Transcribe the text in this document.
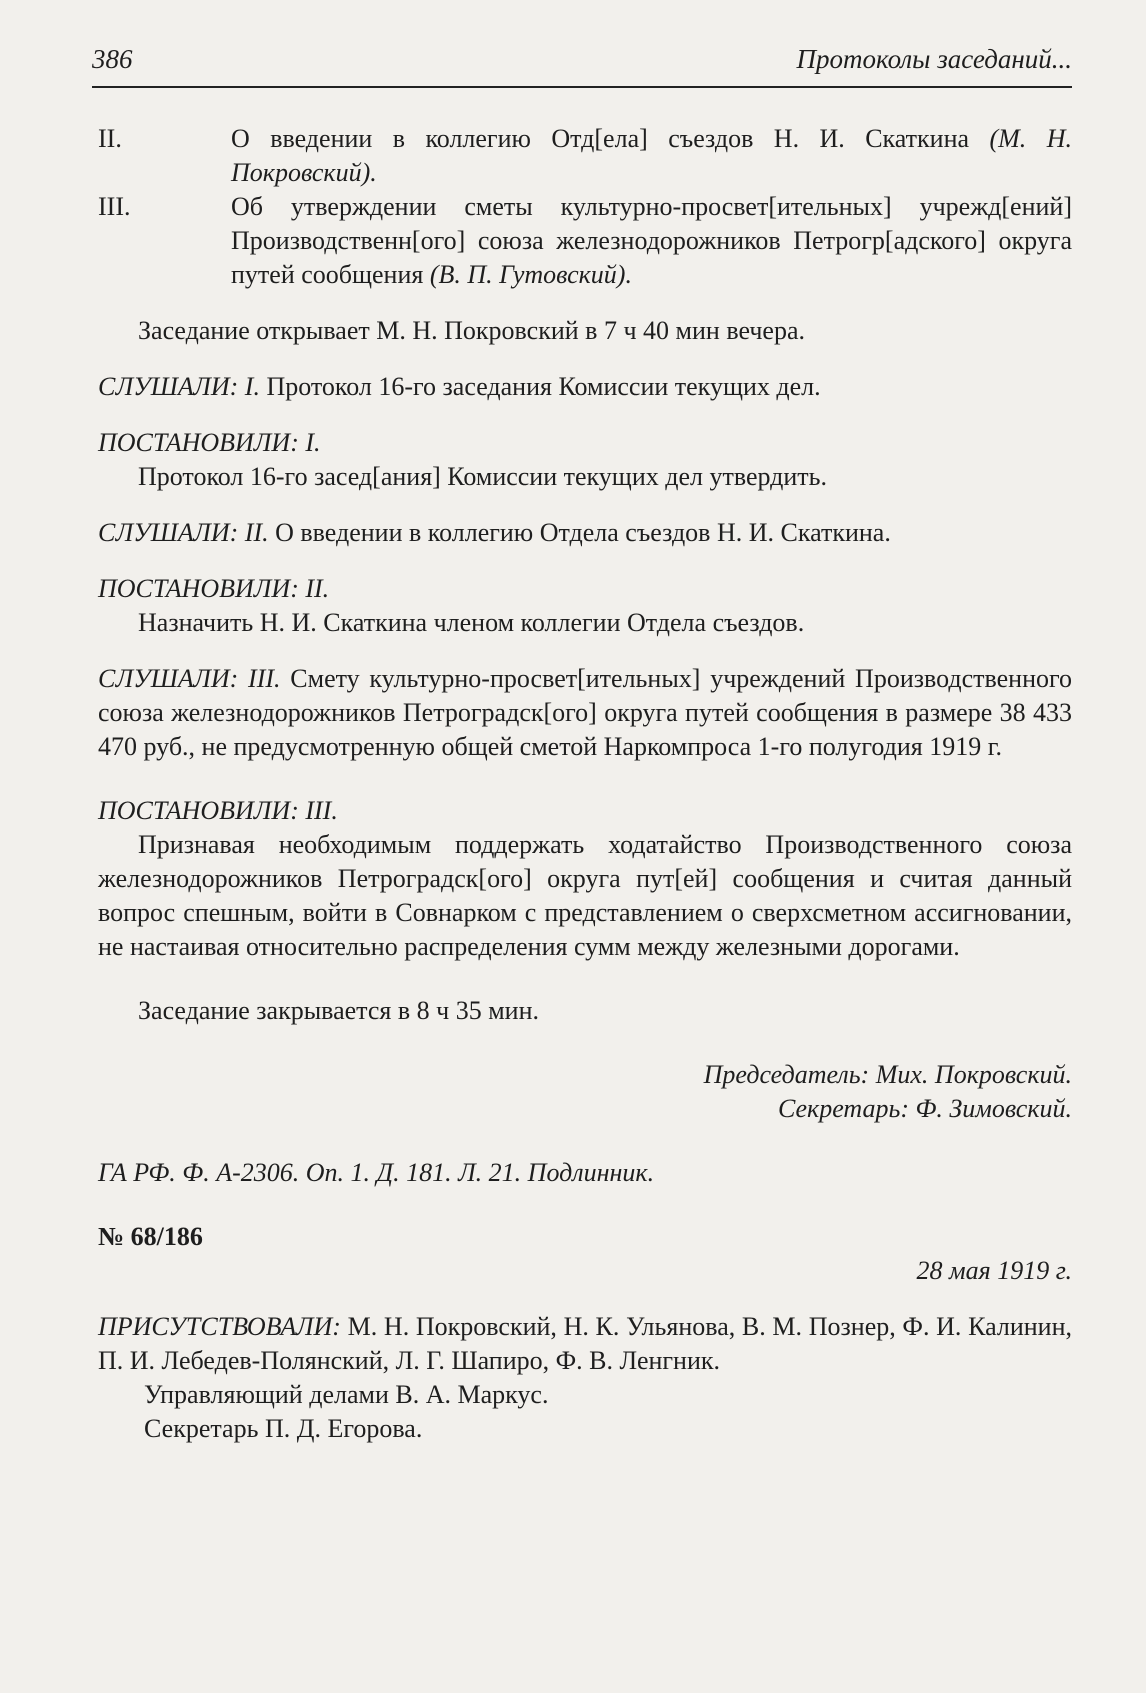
386	Протоколы заседаний...
II.	О введении в коллегию Отд[ела] съездов Н. И. Скаткина (М. Н. Покровский).
III.	Об утверждении сметы культурно-просвет[ительных] учрежд[ений] Производственн[ого] союза железнодорожников Петрогр[адского] округа путей сообщения (В. П. Гутовский).

Заседание открывает М. Н. Покровский в 7 ч 40 мин вечера.

СЛУШАЛИ: I. Протокол 16-го заседания Комиссии текущих дел.

ПОСТАНОВИЛИ: I.

Протокол 16-го засед[ания] Комиссии текущих дел утвердить.

СЛУШАЛИ: II. О введении в коллегию Отдела съездов Н. И. Скаткина.

ПОСТАНОВИЛИ: II.

Назначить Н. И. Скаткина членом коллегии Отдела съездов.

СЛУШАЛИ: III. Смету культурно-просвет[ительных] учреждений Производственного союза железнодорожников Петроградск[ого] округа путей сообщения в размере 38 433 470 руб., не предусмотренную общей сметой Наркомпроса 1-го полугодия 1919 г.

ПОСТАНОВИЛИ: III.

Признавая необходимым поддержать ходатайство Производственного союза железнодорожников Петроградск[ого] округа пут[ей] сообщения и считая данный вопрос спешным, войти в Совнарком с представлением о сверхсметном ассигновании, не настаивая относительно распределения сумм между железными дорогами.

Заседание закрывается в 8 ч 35 мин.

Председатель: Мих. Покровский.

Секретарь: Ф. Зимовский.

ГА РФ. Ф. А-2306. Оп. 1. Д. 181. Л. 21. Подлинник.

№ 68/186

28 мая 1919 г.

ПРИСУТСТВОВАЛИ: М. Н. Покровский, Н. К. Ульянова, В. М. Познер, Ф. И. Калинин, П. И. Лебедев-Полянский, Л. Г. Шапиро, Ф. В. Ленгник.

Управляющий делами В. А. Маркус.

Секретарь П. Д. Егорова.
